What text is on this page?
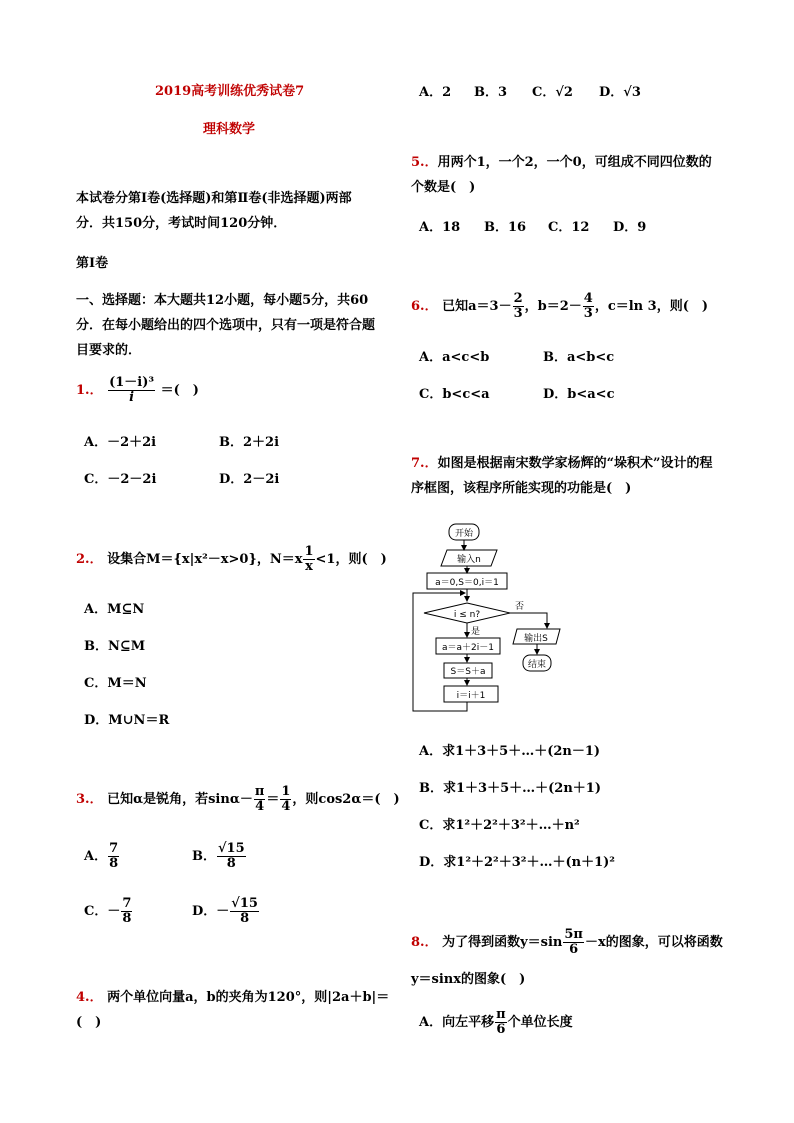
2019高考训练优秀试卷7
理科数学
本试卷分第Ⅰ卷(选择题)和第Ⅱ卷(非选择题)两部分．共150分，考试时间120分钟．
第Ⅰ卷
一、选择题：本大题共12小题，每小题5分，共60分．在每小题给出的四个选项中，只有一项是符合题目要求的．
1.． $\frac{\text{(1－i)³}}{i}$ ＝(　)
A．－2＋2i	B．2＋2i
C．－2－2i	D．2－2i
2.． 设集合M＝{x|x²－x>0}，$N=x \frac{1}{x} <1$，则(　)
A．M⊆N
B．N⊆M
C．M＝N
D．M∪N＝R
3.． 已知α是锐角，若$\sin\alpha- \frac{\pi}{4} = \frac{1}{4}$ ，则cos2α＝(　)
A． $\frac{7}{8}$	B． $\frac{√15}{8}$
C．－ $\frac{7}{8}$	D．－ $\frac{√15}{8}$
4.． 两个单位向量a，b的夹角为120°，则|2a＋b|＝
(　)
A．2 B．3 C．√2 D．√3
5.．用两个1，一个2，一个0，可组成不同四位数的个数是(　)
A．18 B．16 C．12 D．9
6.． 已知$a=3- \frac{2}{3}$ ，$b=2- \frac{4}{3}$ ，c＝ln 3，则(　)
A．a<c<b	B．a<b<c
C．b<c<a	D．b<a<c
7.．如图是根据南宋数学家杨辉的“垛积术”设计的程序框图，该程序所能实现的功能是(　)
开始
输入n
a＝0,S＝0,i＝1
i ≤ n?
否
是
输出S
结束
a＝a＋2i－1
S＝S＋a
i＝i＋1
A．求1＋3＋5＋…＋(2n－1)
B．求1＋3＋5＋…＋(2n＋1)
C．求1²＋2²＋3²＋…＋n²
D．求1²＋2²＋3²＋…＋(n＋1)²
8.． 为了得到函数$y=\sin \frac{5\pi}{6} -x$的图象，可以将函数
y＝sinx的图象(　)
A．向左平移 $\frac{\pi}{6}$ 个单位长度
